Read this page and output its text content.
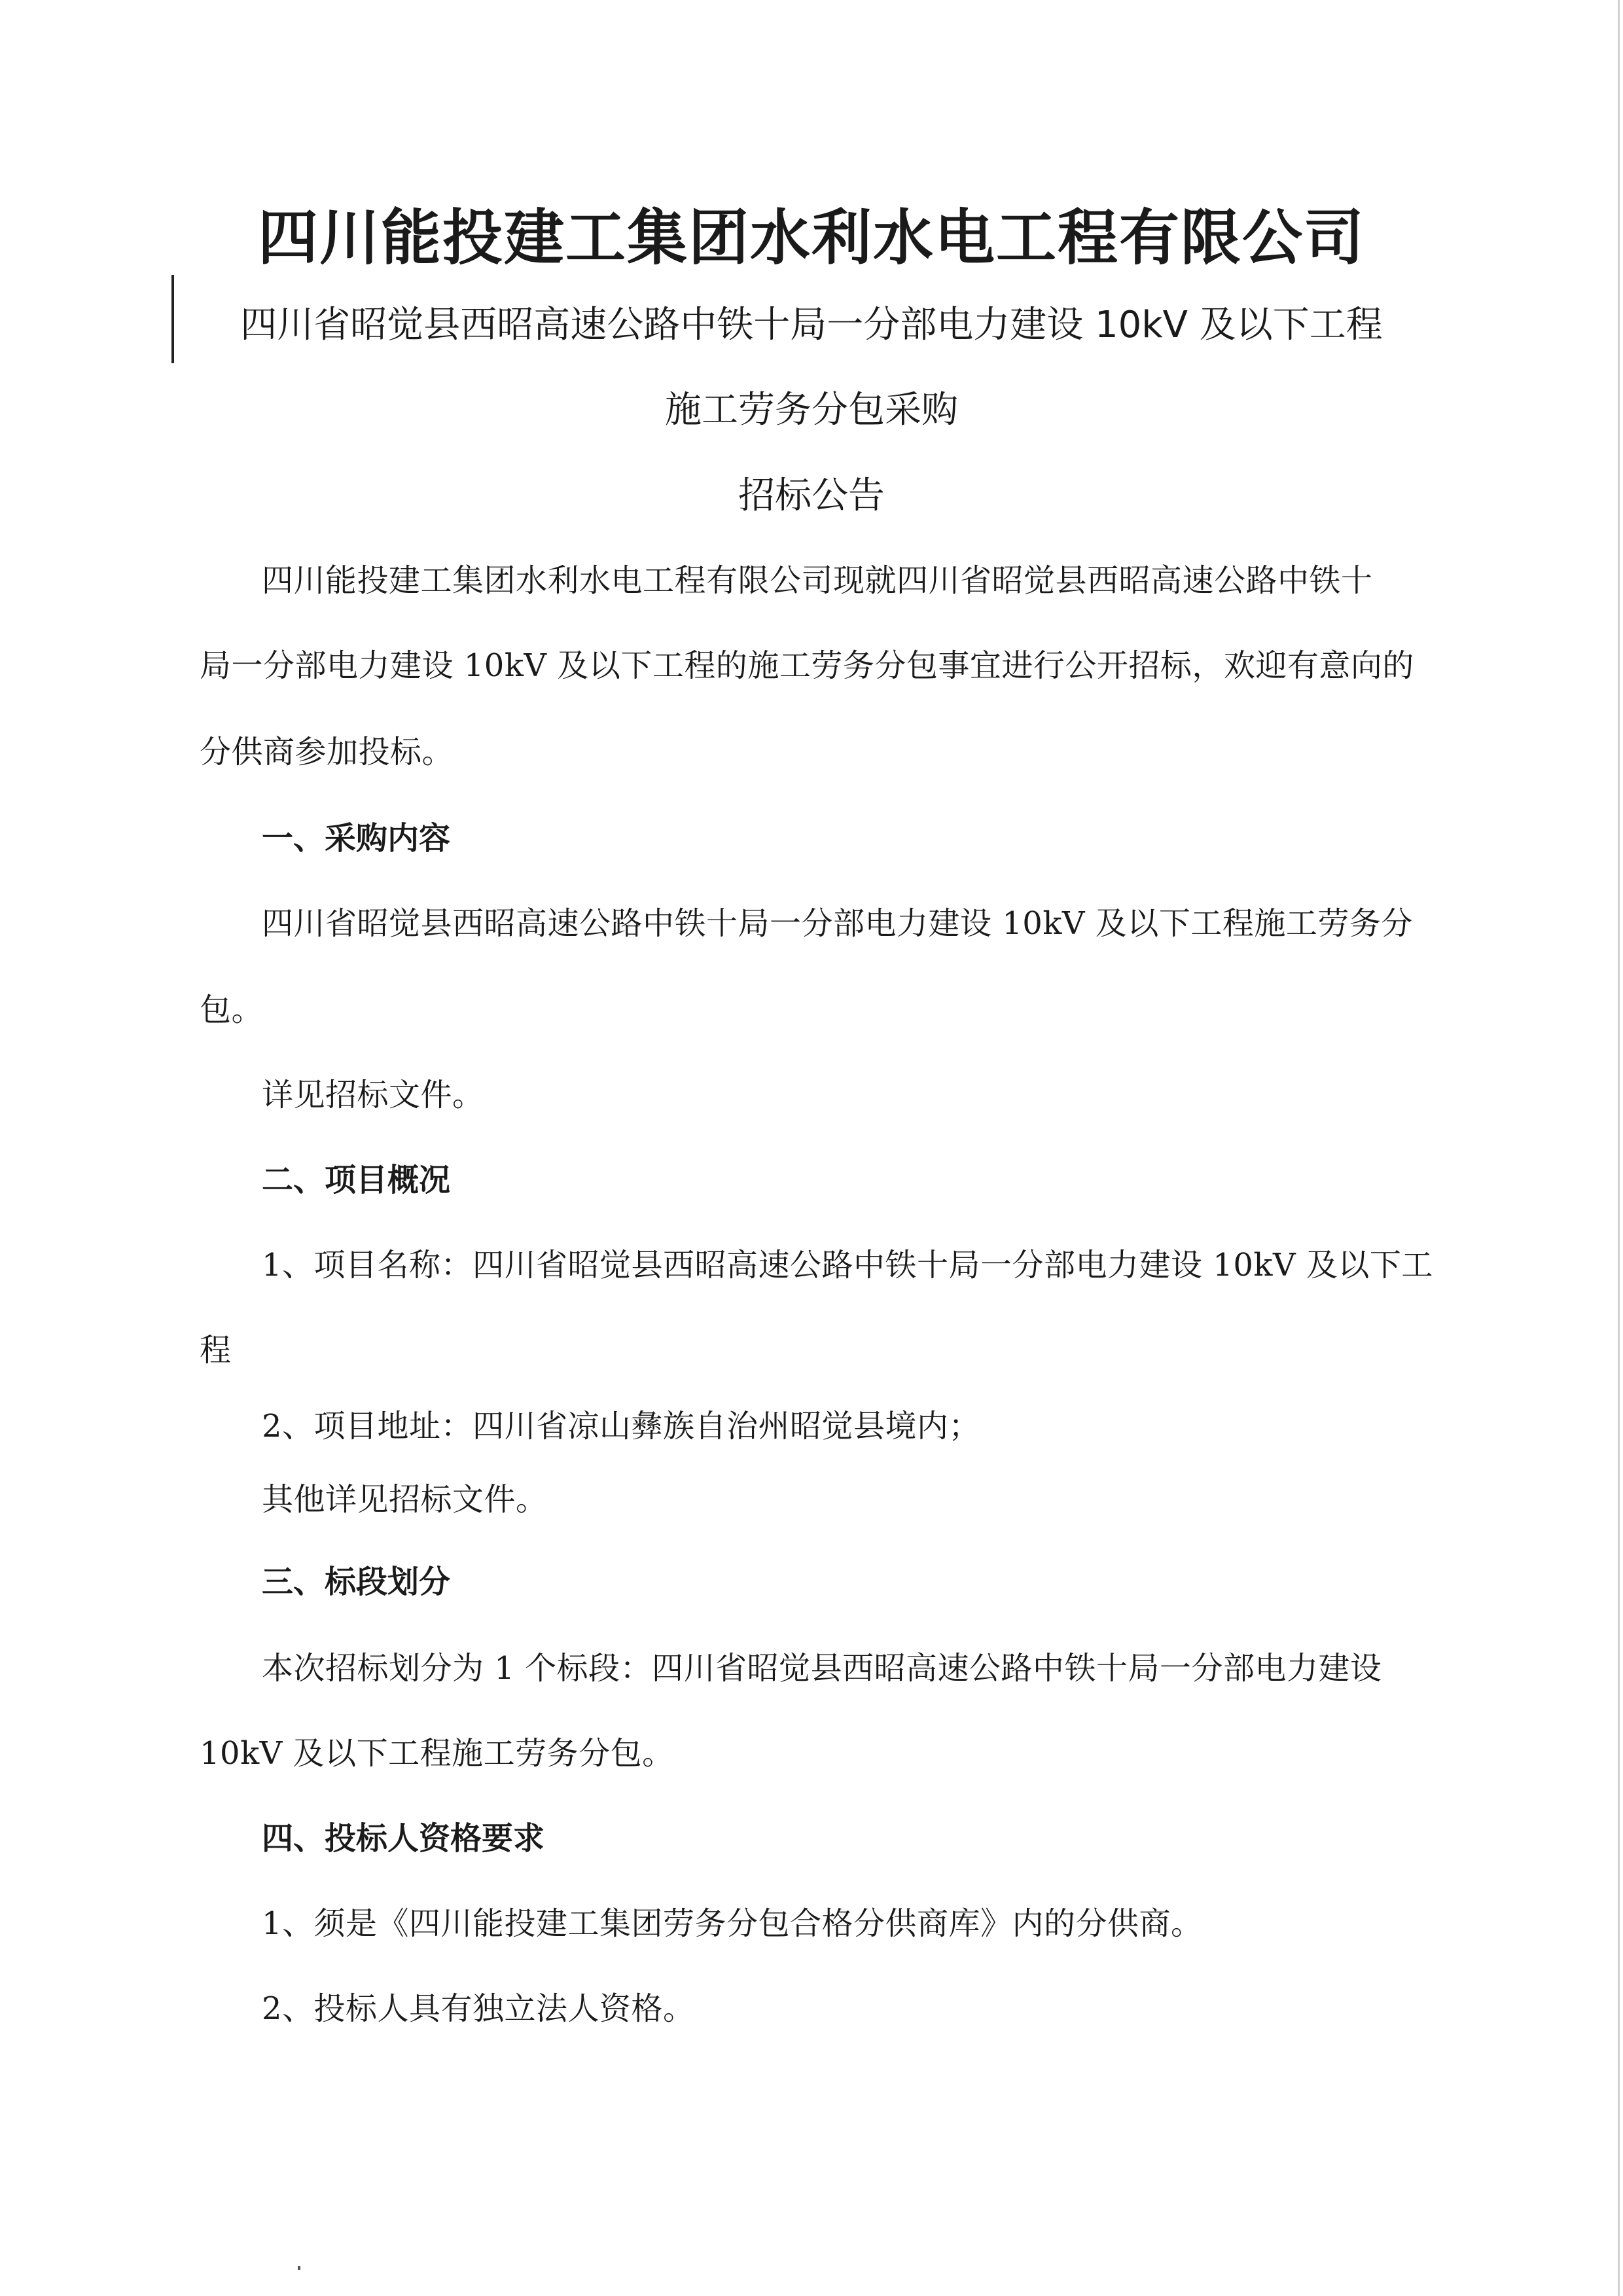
四川能投建工集团水利水电工程有限公司
四川省昭觉县西昭高速公路中铁十局一分部电力建设 10kV 及以下工程
施工劳务分包采购
招标公告
四川能投建工集团水利水电工程有限公司现就四川省昭觉县西昭高速公路中铁十
局一分部电力建设 10kV 及以下工程的施工劳务分包事宜进行公开招标，欢迎有意向的
分供商参加投标。
一、采购内容
四川省昭觉县西昭高速公路中铁十局一分部电力建设 10kV 及以下工程施工劳务分
包。
详见招标文件。
二、项目概况
1、项目名称：四川省昭觉县西昭高速公路中铁十局一分部电力建设 10kV 及以下工
程
2、项目地址：四川省凉山彝族自治州昭觉县境内；
其他详见招标文件。
三、标段划分
本次招标划分为 1 个标段：四川省昭觉县西昭高速公路中铁十局一分部电力建设
10kV 及以下工程施工劳务分包。
四、投标人资格要求
1、须是《四川能投建工集团劳务分包合格分供商库》内的分供商。
2、投标人具有独立法人资格。
